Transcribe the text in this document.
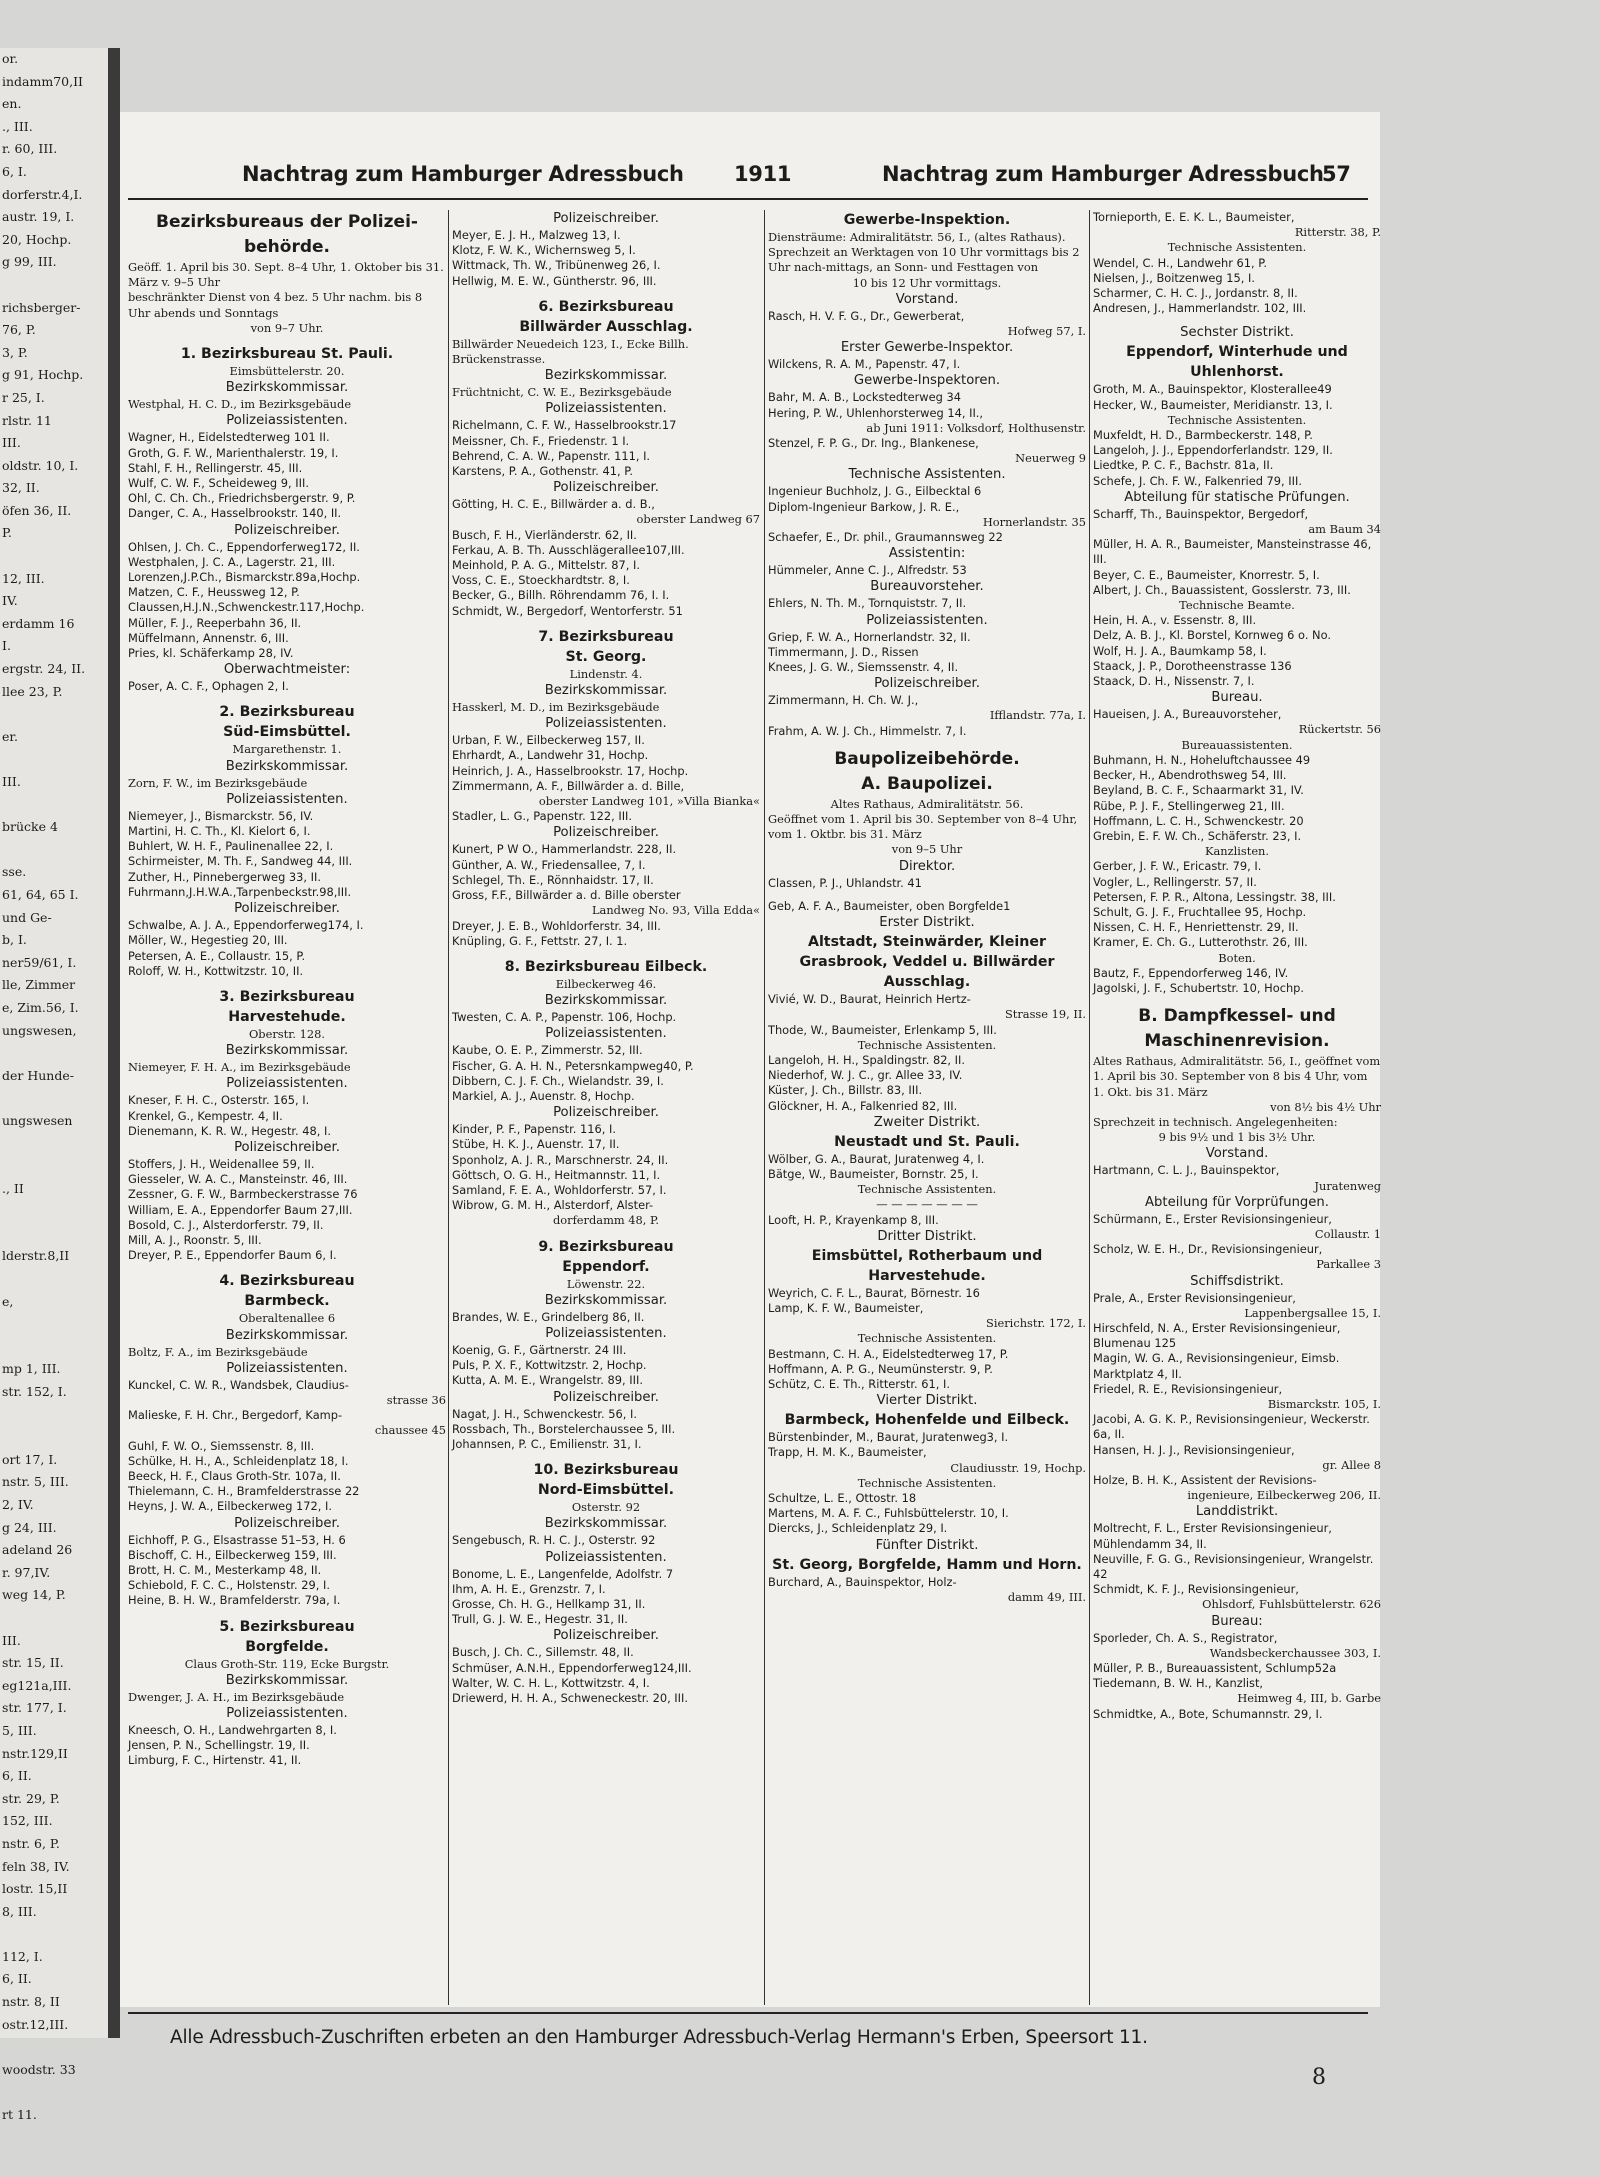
or.
indamm70,II
en.
., III.
r. 60, III.
6, I.
dorferstr.4,I.
austr. 19, I.
20, Hochp.
g 99, III.
richsberger-
76, P.
3, P.
g 91, Hochp.
r 25, I.
rlstr. 11
III.
oldstr. 10, I.
32, II.
öfen 36, II.
P.
12, III.
IV.
erdamm 16
I.
ergstr. 24, II.
llee 23, P.
er.
III.
brücke 4
sse.
61, 64, 65 I.
und Ge-
b, I.
ner59/61, I.
lle, Zimmer
e, Zim.56, I.
ungswesen,
der Hunde-
ungswesen
., II
lderstr.8,II
e,
mp 1, III.
str. 152, I.
ort 17, I.
nstr. 5, III.
2, IV.
g 24, III.
adeland 26
r. 97,IV.
weg 14, P.
III.
str. 15, II.
eg121a,III.
str. 177, I.
5, III.
nstr.129,II
6, II.
str. 29, P.
152, III.
nstr. 6, P.
feln 38, IV.
lostr. 15,II
8, III.
112, I.
6, II.
nstr. 8, II
ostr.12,III.
woodstr. 33
rt 11.
Nachtrag zum Hamburger Adressbuch 1911	Nachtrag zum Hamburger Adressbuch
57
Bezirksbureaus der Polizei-
behörde.
Geöff. 1. April bis 30. Sept. 8–4 Uhr, 1. Oktober bis 31. März v. 9–5 Uhr
beschränkter Dienst von 4 bez. 5 Uhr nachm. bis 8 Uhr abends und Sonntags
von 9–7 Uhr.
1. Bezirksbureau St. Pauli.
Eimsbüttelerstr. 20.
Bezirkskommissar.
Westphal, H. C. D., im Bezirksgebäude
Polizeiassistenten.
Wagner, H., Eidelstedterweg 101 II.
Groth, G. F. W., Marienthalerstr. 19, I.
Stahl, F. H., Rellingerstr. 45, III.
Wulf, C. W. F., Scheideweg 9, III.
Ohl, C. Ch. Ch., Friedrichsbergerstr. 9, P.
Danger, C. A., Hasselbrookstr. 140, II.
Polizeischreiber.
Ohlsen, J. Ch. C., Eppendorferweg172, II.
Westphalen, J. C. A., Lagerstr. 21, III.
Lorenzen,J.P.Ch., Bismarckstr.89a,Hochp.
Matzen, C. F., Heussweg 12, P.
Claussen,H.J.N.,Schwenckestr.117,Hochp.
Müller, F. J., Reeperbahn 36, II.
Müffelmann, Annenstr. 6, III.
Pries, kl. Schäferkamp 28, IV.
Oberwachtmeister:
Poser, A. C. F., Ophagen 2, I.
2. Bezirksbureau
Süd-Eimsbüttel.
Margarethenstr. 1.
Bezirkskommissar.
Zorn, F. W., im Bezirksgebäude
Polizeiassistenten.
Niemeyer, J., Bismarckstr. 56, IV.
Martini, H. C. Th., Kl. Kielort 6, I.
Buhlert, W. H. F., Paulinenallee 22, I.
Schirmeister, M. Th. F., Sandweg 44, III.
Zuther, H., Pinnebergerweg 33, II.
Fuhrmann,J.H.W.A.,Tarpenbeckstr.98,III.
Polizeischreiber.
Schwalbe, A. J. A., Eppendorferweg174, I.
Möller, W., Hegestieg 20, III.
Petersen, A. E., Collaustr. 15, P.
Roloff, W. H., Kottwitzstr. 10, II.
3. Bezirksbureau
Harvestehude.
Oberstr. 128.
Bezirkskommissar.
Niemeyer, F. H. A., im Bezirksgebäude
Polizeiassistenten.
Kneser, F. H. C., Osterstr. 165, I.
Krenkel, G., Kempestr. 4, II.
Dienemann, K. R. W., Hegestr. 48, I.
Polizeischreiber.
Stoffers, J. H., Weidenallee 59, II.
Giesseler, W. A. C., Mansteinstr. 46, III.
Zessner, G. F. W., Barmbeckerstrasse 76
William, E. A., Eppendorfer Baum 27,III.
Bosold, C. J., Alsterdorferstr. 79, II.
Mill, A. J., Roonstr. 5, III.
Dreyer, P. E., Eppendorfer Baum 6, I.
4. Bezirksbureau
Barmbeck.
Oberaltenallee 6
Bezirkskommissar.
Boltz, F. A., im Bezirksgebäude
Polizeiassistenten.
Kunckel, C. W. R., Wandsbek, Claudius-
strasse 36
Malieske, F. H. Chr., Bergedorf, Kamp-
chaussee 45
Guhl, F. W. O., Siemssenstr. 8, III.
Schülke, H. H., A., Schleidenplatz 18, I.
Beeck, H. F., Claus Groth-Str. 107a, II.
Thielemann, C. H., Bramfelderstrasse 22
Heyns, J. W. A., Eilbeckerweg 172, I.
Polizeischreiber.
Eichhoff, P. G., Elsastrasse 51–53, H. 6
Bischoff, C. H., Eilbeckerweg 159, III.
Brott, H. C. M., Mesterkamp 48, II.
Schiebold, F. C. C., Holstenstr. 29, I.
Heine, B. H. W., Bramfelderstr. 79a, I.
5. Bezirksbureau
Borgfelde.
Claus Groth-Str. 119, Ecke Burgstr.
Bezirkskommissar.
Dwenger, J. A. H., im Bezirksgebäude
Polizeiassistenten.
Kneesch, O. H., Landwehrgarten 8, I.
Jensen, P. N., Schellingstr. 19, II.
Limburg, F. C., Hirtenstr. 41, II.
Polizeischreiber.
Meyer, E. J. H., Malzweg 13, I.
Klotz, F. W. K., Wichernsweg 5, I.
Wittmack, Th. W., Tribünenweg 26, I.
Hellwig, M. E. W., Güntherstr. 96, III.
6. Bezirksbureau
Billwärder Ausschlag.
Billwärder Neuedeich 123, I., Ecke Billh. Brückenstrasse.
Bezirkskommissar.
Früchtnicht, C. W. E., Bezirksgebäude
Polizeiassistenten.
Richelmann, C. F. W., Hasselbrookstr.17
Meissner, Ch. F., Friedenstr. 1 I.
Behrend, C. A. W., Papenstr. 111, I.
Karstens, P. A., Gothenstr. 41, P.
Polizeischreiber.
Götting, H. C. E., Billwärder a. d. B.,
oberster Landweg 67
Busch, F. H., Vierländerstr. 62, II.
Ferkau, A. B. Th. Ausschlägerallee107,III.
Meinhold, P. A. G., Mittelstr. 87, I.
Voss, C. E., Stoeckhardtstr. 8, I.
Becker, G., Billh. Röhrendamm 76, I. I.
Schmidt, W., Bergedorf, Wentorferstr. 51
7. Bezirksbureau
St. Georg.
Lindenstr. 4.
Bezirkskommissar.
Hasskerl, M. D., im Bezirksgebäude
Polizeiassistenten.
Urban, F. W., Eilbeckerweg 157, II.
Ehrhardt, A., Landwehr 31, Hochp.
Heinrich, J. A., Hasselbrookstr. 17, Hochp.
Zimmermann, A. F., Billwärder a. d. Bille,
oberster Landweg 101, »Villa Bianka«
Stadler, L. G., Papenstr. 122, III.
Polizeischreiber.
Kunert, P W O., Hammerlandstr. 228, II.
Günther, A. W., Friedensallee, 7, I.
Schlegel, Th. E., Rönnhaidstr. 17, II.
Gross, F.F., Billwärder a. d. Bille oberster
Landweg No. 93, Villa Edda«
Dreyer, J. E. B., Wohldorferstr. 34, III.
Knüpling, G. F., Fettstr. 27, I. 1.
8. Bezirksbureau Eilbeck.
Eilbeckerweg 46.
Bezirkskommissar.
Twesten, C. A. P., Papenstr. 106, Hochp.
Polizeiassistenten.
Kaube, O. E. P., Zimmerstr. 52, III.
Fischer, G. A. H. N., Petersnkampweg40, P.
Dibbern, C. J. F. Ch., Wielandstr. 39, I.
Markiel, A. J., Auenstr. 8, Hochp.
Polizeischreiber.
Kinder, P. F., Papenstr. 116, I.
Stübe, H. K. J., Auenstr. 17, II.
Sponholz, A. J. R., Marschnerstr. 24, II.
Göttsch, O. G. H., Heitmannstr. 11, I.
Samland, F. E. A., Wohldorferstr. 57, I.
Wibrow, G. M. H., Alsterdorf, Alster-
dorferdamm 48, P.
9. Bezirksbureau
Eppendorf.
Löwenstr. 22.
Bezirkskommissar.
Brandes, W. E., Grindelberg 86, II.
Polizeiassistenten.
Koenig, G. F., Gärtnerstr. 24 III.
Puls, P. X. F., Kottwitzstr. 2, Hochp.
Kutta, A. M. E., Wrangelstr. 89, III.
Polizeischreiber.
Nagat, J. H., Schwenckestr. 56, I.
Rossbach, Th., Borstelerchaussee 5, III.
Johannsen, P. C., Emilienstr. 31, I.
10. Bezirksbureau
Nord-Eimsbüttel.
Osterstr. 92
Bezirkskommissar.
Sengebusch, R. H. C. J., Osterstr. 92
Polizeiassistenten.
Bonome, L. E., Langenfelde, Adolfstr. 7
Ihm, A. H. E., Grenzstr. 7, I.
Grosse, Ch. H. G., Hellkamp 31, II.
Trull, G. J. W. E., Hegestr. 31, II.
Polizeischreiber.
Busch, J. Ch. C., Sillemstr. 48, II.
Schmüser, A.N.H., Eppendorferweg124,III.
Walter, W. C. H. L., Kottwitzstr. 4, I.
Driewerd, H. H. A., Schweneckestr. 20, III.
Gewerbe-Inspektion.
Diensträume: Admiralitätstr. 56, I., (altes Rathaus). Sprechzeit an Werktagen von 10 Uhr vormittags bis 2 Uhr nach-mittags, an Sonn- und Festtagen von
10 bis 12 Uhr vormittags.
Vorstand.
Rasch, H. V. F. G., Dr., Gewerberat,
Hofweg 57, I.
Erster Gewerbe-Inspektor.
Wilckens, R. A. M., Papenstr. 47, I.
Gewerbe-Inspektoren.
Bahr, M. A. B., Lockstedterweg 34
Hering, P. W., Uhlenhorsterweg 14, II.,
ab Juni 1911: Volksdorf, Holthusenstr.
Stenzel, F. P. G., Dr. Ing., Blankenese,
Neuerweg 9
Technische Assistenten.
Ingenieur Buchholz, J. G., Eilbecktal 6
Diplom-Ingenieur Barkow, J. R. E.,
Hornerlandstr. 35
Schaefer, E., Dr. phil., Graumannsweg 22
Assistentin:
Hümmeler, Anne C. J., Alfredstr. 53
Bureauvorsteher.
Ehlers, N. Th. M., Tornquiststr. 7, II.
Polizeiassistenten.
Griep, F. W. A., Hornerlandstr. 32, II.
Timmermann, J. D., Rissen
Knees, J. G. W., Siemssenstr. 4, II.
Polizeischreiber.
Zimmermann, H. Ch. W. J.,
Ifflandstr. 77a, I.
Frahm, A. W. J. Ch., Himmelstr. 7, I.
Baupolizeibehörde.
A. Baupolizei.
Altes Rathaus, Admiralitätstr. 56.
Geöffnet vom 1. April bis 30. September von 8–4 Uhr, vom 1. Oktbr. bis 31. März
von 9–5 Uhr
Direktor.
Classen, P. J., Uhlandstr. 41
Geb, A. F. A., Baumeister, oben Borgfelde1
Erster Distrikt.
Altstadt, Steinwärder, Kleiner Grasbrook, Veddel u. Billwärder Ausschlag.
Vivié, W. D., Baurat, Heinrich Hertz-
Strasse 19, II.
Thode, W., Baumeister, Erlenkamp 5, III.
Technische Assistenten.
Langeloh, H. H., Spaldingstr. 82, II.
Niederhof, W. J. C., gr. Allee 33, IV.
Küster, J. Ch., Billstr. 83, III.
Glöckner, H. A., Falkenried 82, III.
Zweiter Distrikt.
Neustadt und St. Pauli.
Wölber, G. A., Baurat, Juratenweg 4, I.
Bätge, W., Baumeister, Bornstr. 25, I.
Technische Assistenten.
— — — — — — —
Looft, H. P., Krayenkamp 8, III.
Dritter Distrikt.
Eimsbüttel, Rotherbaum und Harvestehude.
Weyrich, C. F. L., Baurat, Börnestr. 16
Lamp, K. F. W., Baumeister,
Sierichstr. 172, I.
Technische Assistenten.
Bestmann, C. H. A., Eidelstedterweg 17, P.
Hoffmann, A. P. G., Neumünsterstr. 9, P.
Schütz, C. E. Th., Ritterstr. 61, I.
Vierter Distrikt.
Barmbeck, Hohenfelde und Eilbeck.
Bürstenbinder, M., Baurat, Juratenweg3, I.
Trapp, H. M. K., Baumeister,
Claudiusstr. 19, Hochp.
Technische Assistenten.
Schultze, L. E., Ottostr. 18
Martens, M. A. F. C., Fuhlsbüttelerstr. 10, I.
Diercks, J., Schleidenplatz 29, I.
Fünfter Distrikt.
St. Georg, Borgfelde, Hamm und Horn.
Burchard, A., Bauinspektor, Holz-
damm 49, III.
Tornieporth, E. E. K. L., Baumeister,
Ritterstr. 38, P.
Technische Assistenten.
Wendel, C. H., Landwehr 61, P.
Nielsen, J., Boitzenweg 15, I.
Scharmer, C. H. C. J., Jordanstr. 8, II.
Andresen, J., Hammerlandstr. 102, III.
Sechster Distrikt.
Eppendorf, Winterhude und Uhlenhorst.
Groth, M. A., Bauinspektor, Klosterallee49
Hecker, W., Baumeister, Meridianstr. 13, I.
Technische Assistenten.
Muxfeldt, H. D., Barmbeckerstr. 148, P.
Langeloh, J. J., Eppendorferlandstr. 129, II.
Liedtke, P. C. F., Bachstr. 81a, II.
Schefe, J. Ch. F. W., Falkenried 79, III.
Abteilung für statische Prüfungen.
Scharff, Th., Bauinspektor, Bergedorf,
am Baum 34
Müller, H. A. R., Baumeister, Mansteinstrasse 46, III.
Beyer, C. E., Baumeister, Knorrestr. 5, I.
Albert, J. Ch., Bauassistent, Gosslerstr. 73, III.
Technische Beamte.
Hein, H. A., v. Essenstr. 8, III.
Delz, A. B. J., Kl. Borstel, Kornweg 6 o. No.
Wolf, H. J. A., Baumkamp 58, I.
Staack, J. P., Dorotheenstrasse 136
Staack, D. H., Nissenstr. 7, I.
Bureau.
Haueisen, J. A., Bureauvorsteher,
Rückertstr. 56
Bureauassistenten.
Buhmann, H. N., Hoheluftchaussee 49
Becker, H., Abendrothsweg 54, III.
Beyland, B. C. F., Schaarmarkt 31, IV.
Rübe, P. J. F., Stellingerweg 21, III.
Hoffmann, L. C. H., Schwenckestr. 20
Grebin, E. F. W. Ch., Schäferstr. 23, I.
Kanzlisten.
Gerber, J. F. W., Ericastr. 79, I.
Vogler, L., Rellingerstr. 57, II.
Petersen, F. P. R., Altona, Lessingstr. 38, III.
Schult, G. J. F., Fruchtallee 95, Hochp.
Nissen, C. H. F., Henriettenstr. 29, II.
Kramer, E. Ch. G., Lutterothstr. 26, III.
Boten.
Bautz, F., Eppendorferweg 146, IV.
Jagolski, J. F., Schubertstr. 10, Hochp.
B. Dampfkessel- und Maschinenrevision.
Altes Rathaus, Admiralitätstr. 56, I., geöffnet vom 1. April bis 30. September von 8 bis 4 Uhr, vom 1. Okt. bis 31. März
von 8½ bis 4½ Uhr
Sprechzeit in technisch. Angelegenheiten:
9 bis 9½ und 1 bis 3½ Uhr.
Vorstand.
Hartmann, C. L. J., Bauinspektor,
Juratenweg
Abteilung für Vorprüfungen.
Schürmann, E., Erster Revisionsingenieur,
Collaustr. 1
Scholz, W. E. H., Dr., Revisionsingenieur,
Parkallee 3
Schiffsdistrikt.
Prale, A., Erster Revisionsingenieur,
Lappenbergsallee 15, I.
Hirschfeld, N. A., Erster Revisionsingenieur, Blumenau 125
Magin, W. G. A., Revisionsingenieur, Eimsb. Marktplatz 4, II.
Friedel, R. E., Revisionsingenieur,
Bismarckstr. 105, I.
Jacobi, A. G. K. P., Revisionsingenieur, Weckerstr. 6a, II.
Hansen, H. J. J., Revisionsingenieur,
gr. Allee 8
Holze, B. H. K., Assistent der Revisions-
ingenieure, Eilbeckerweg 206, II.
Landdistrikt.
Moltrecht, F. L., Erster Revisionsingenieur, Mühlendamm 34, II.
Neuville, F. G. G., Revisionsingenieur, Wrangelstr. 42
Schmidt, K. F. J., Revisionsingenieur,
Ohlsdorf, Fuhlsbüttelerstr. 626
Bureau:
Sporleder, Ch. A. S., Registrator,
Wandsbeckerchaussee 303, I.
Müller, P. B., Bureauassistent, Schlump52a
Tiedemann, B. W. H., Kanzlist,
Heimweg 4, III, b. Garbe
Schmidtke, A., Bote, Schumannstr. 29, I.
Alle Adressbuch-Zuschriften erbeten an den Hamburger Adressbuch-Verlag Hermann's Erben, Speersort 11.
8
